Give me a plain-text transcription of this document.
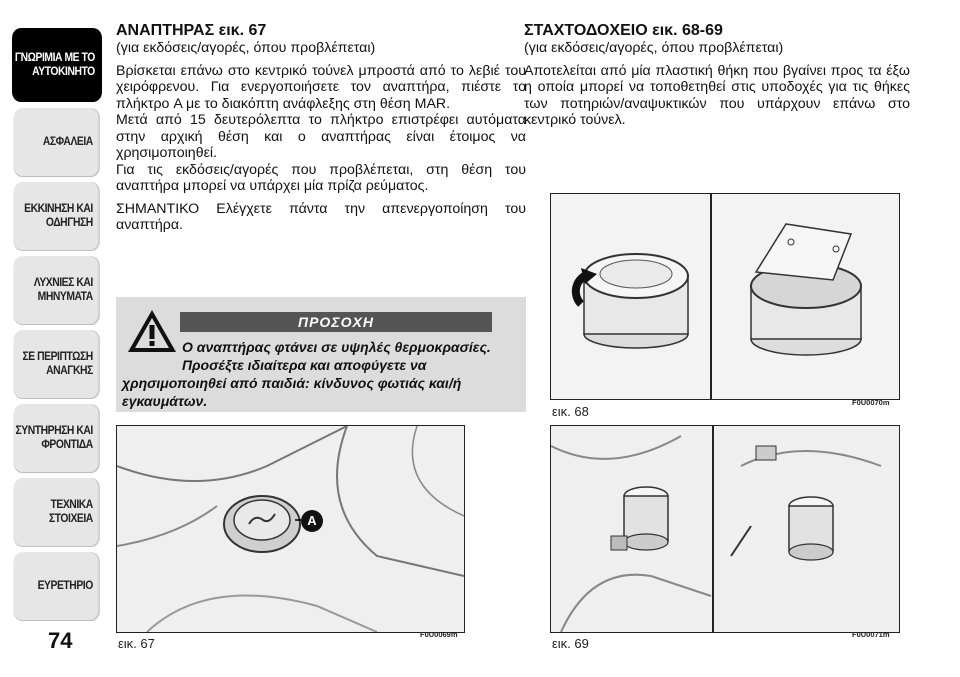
ΓΝΩΡΙΜΙΑ ΜΕ ΤΟ
ΑΥΤΟΚΙΝΗΤΟ
ΑΣΦΑΛΕΙΑ
ΕΚΚΙΝΗΣΗ ΚΑΙ
ΟΔΗΓΗΣΗ
ΛΥΧΝΙΕΣ ΚΑΙ
ΜΗΝΥΜΑΤΑ
ΣΕ ΠΕΡΙΠΤΩΣΗ
ΑΝΑΓΚΗΣ
ΣΥΝΤΗΡΗΣΗ ΚΑΙ
ΦΡΟΝΤΙΔΑ
ΤΕΧΝΙΚΑ ΣΤΟΙΧΕΙΑ
ΕΥΡΕΤΗΡΙΟ
74
ΑΝΑΠΤΗΡΑΣ εικ. 67
(για εκδόσεις/αγορές, όπου προβλέπεται)

Βρίσκεται επάνω στο κεντρικό τούνελ μπροστά από το λεβιέ του χειρόφρενου. Για ενεργοποιήσετε τον αναπτήρα, πιέστε το πλήκτρο A με το διακόπτη ανάφλεξης στη θέση MAR.

Μετά από 15 δευτερόλεπτα το πλήκτρο επιστρέφει αυτόματα στην αρχική θέση και ο αναπτήρας είναι έτοιμος να χρησιμοποιηθεί.

Για τις εκδόσεις/αγορές που προβλέπεται, στη θέση του αναπτήρα μπορεί να υπάρχει μία πρίζα ρεύματος.

ΣΗΜΑΝΤΙΚΟ Ελέγχετε πάντα την απενεργοποίηση του αναπτήρα.

ΠΡΟΣΟΧΗ
Ο αναπτήρας φτάνει σε υψηλές θερμοκρασίες. Προσέξτε ιδιαίτερα και αποφύγετε να
χρησιμοποιηθεί από παιδιά: κίνδυνος φωτιάς και/ή εγκαυμάτων.
A
εικ. 67
F0U0069m
ΣΤΑΧΤΟΔΟΧΕΙΟ εικ. 68-69
(για εκδόσεις/αγορές, όπου προβλέπεται)

Αποτελείται από μία πλαστική θήκη που βγαίνει προς τα έξω η οποία μπορεί να τοποθετηθεί στις υποδοχές για τις θήκες των ποτηριών/αναψυκτικών που υπάρχουν επάνω στο κεντρικό τούνελ.

εικ. 68
F0U0070m
εικ. 69
F0U0071m
